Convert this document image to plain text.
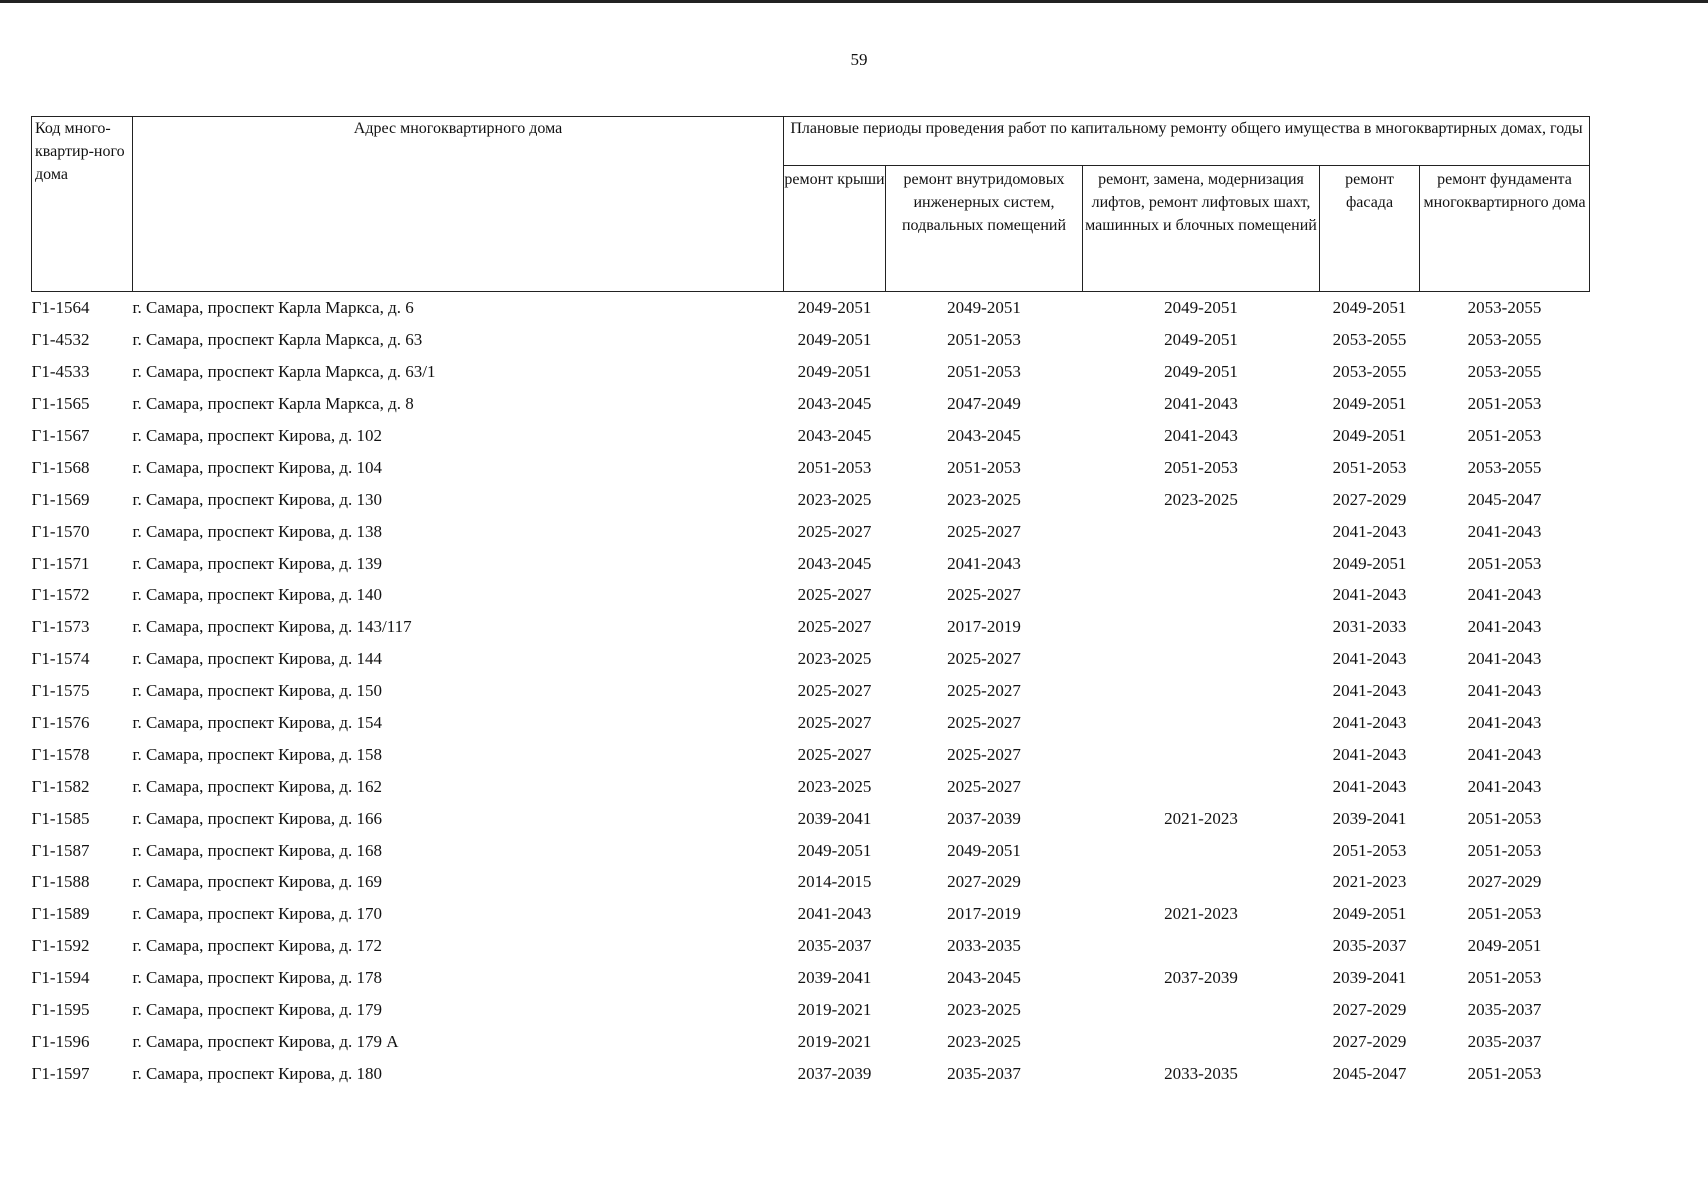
59
Код много-квартир-ного дома	Адрес многоквартирного дома	Плановые периоды проведения работ по капитальному ремонту общего имущества в многоквартирных домах, годы				
		ремонт крыши	ремонт внутридомовых инженерных систем, подвальных помещений	ремонт, замена, модернизация лифтов, ремонт лифтовых шахт, машинных и блочных помещений	ремонт фасада	ремонт фундамента многоквартирного дома
Г1-1564	г. Самара, проспект Карла Маркса, д. 6	2049-2051	2049-2051	2049-2051	2049-2051	2053-2055
Г1-4532	г. Самара, проспект Карла Маркса, д. 63	2049-2051	2051-2053	2049-2051	2053-2055	2053-2055
Г1-4533	г. Самара, проспект Карла Маркса, д. 63/1	2049-2051	2051-2053	2049-2051	2053-2055	2053-2055
Г1-1565	г. Самара, проспект Карла Маркса, д. 8	2043-2045	2047-2049	2041-2043	2049-2051	2051-2053
Г1-1567	г. Самара, проспект Кирова, д. 102	2043-2045	2043-2045	2041-2043	2049-2051	2051-2053
Г1-1568	г. Самара, проспект Кирова, д. 104	2051-2053	2051-2053	2051-2053	2051-2053	2053-2055
Г1-1569	г. Самара, проспект Кирова, д. 130	2023-2025	2023-2025	2023-2025	2027-2029	2045-2047
Г1-1570	г. Самара, проспект Кирова, д. 138	2025-2027	2025-2027		2041-2043	2041-2043
Г1-1571	г. Самара, проспект Кирова, д. 139	2043-2045	2041-2043		2049-2051	2051-2053
Г1-1572	г. Самара, проспект Кирова, д. 140	2025-2027	2025-2027		2041-2043	2041-2043
Г1-1573	г. Самара, проспект Кирова, д. 143/117	2025-2027	2017-2019		2031-2033	2041-2043
Г1-1574	г. Самара, проспект Кирова, д. 144	2023-2025	2025-2027		2041-2043	2041-2043
Г1-1575	г. Самара, проспект Кирова, д. 150	2025-2027	2025-2027		2041-2043	2041-2043
Г1-1576	г. Самара, проспект Кирова, д. 154	2025-2027	2025-2027		2041-2043	2041-2043
Г1-1578	г. Самара, проспект Кирова, д. 158	2025-2027	2025-2027		2041-2043	2041-2043
Г1-1582	г. Самара, проспект Кирова, д. 162	2023-2025	2025-2027		2041-2043	2041-2043
Г1-1585	г. Самара, проспект Кирова, д. 166	2039-2041	2037-2039	2021-2023	2039-2041	2051-2053
Г1-1587	г. Самара, проспект Кирова, д. 168	2049-2051	2049-2051		2051-2053	2051-2053
Г1-1588	г. Самара, проспект Кирова, д. 169	2014-2015	2027-2029		2021-2023	2027-2029
Г1-1589	г. Самара, проспект Кирова, д. 170	2041-2043	2017-2019	2021-2023	2049-2051	2051-2053
Г1-1592	г. Самара, проспект Кирова, д. 172	2035-2037	2033-2035		2035-2037	2049-2051
Г1-1594	г. Самара, проспект Кирова, д. 178	2039-2041	2043-2045	2037-2039	2039-2041	2051-2053
Г1-1595	г. Самара, проспект Кирова, д. 179	2019-2021	2023-2025		2027-2029	2035-2037
Г1-1596	г. Самара, проспект Кирова, д. 179 А	2019-2021	2023-2025		2027-2029	2035-2037
Г1-1597	г. Самара, проспект Кирова, д. 180	2037-2039	2035-2037	2033-2035	2045-2047	2051-2053
